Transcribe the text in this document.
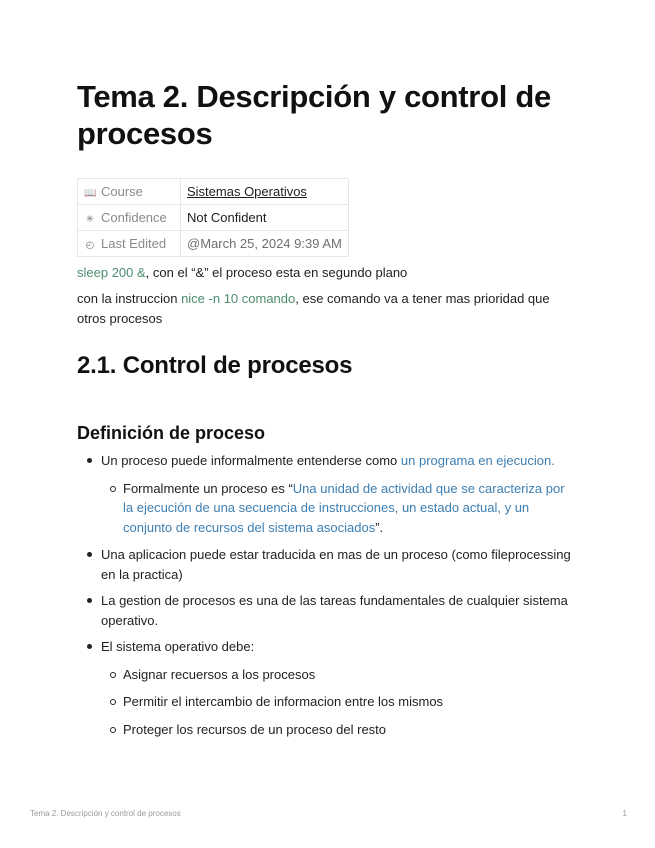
Tema 2. Descripción y control de procesos
📖 Course	Sistemas Operativos
✳ Confidence	Not Confident
◴ Last Edited	@March 25, 2024 9:39 AM

sleep 200 &, con el “&” el proceso esta en segundo plano

con la instruccion nice -n 10 comando, ese comando va a tener mas prioridad que otros procesos

2.1. Control de procesos
Definición de proceso
Un proceso puede informalmente entenderse como un programa en ejecucion.
Formalmente un proceso es “Una unidad de actividad que se caracteriza por la ejecución de una secuencia de instrucciones, un estado actual, y un conjunto de recursos del sistema asociados”.
Una aplicacion puede estar traducida en mas de un proceso (como fileprocessing en la practica)
La gestion de procesos es una de las tareas fundamentales de cualquier sistema operativo.
El sistema operativo debe:
Asignar recuersos a los procesos
Permitir el intercambio de informacion entre los mismos
Proteger los recursos de un proceso del resto
Tema 2. Descripción y control de procesos	1
